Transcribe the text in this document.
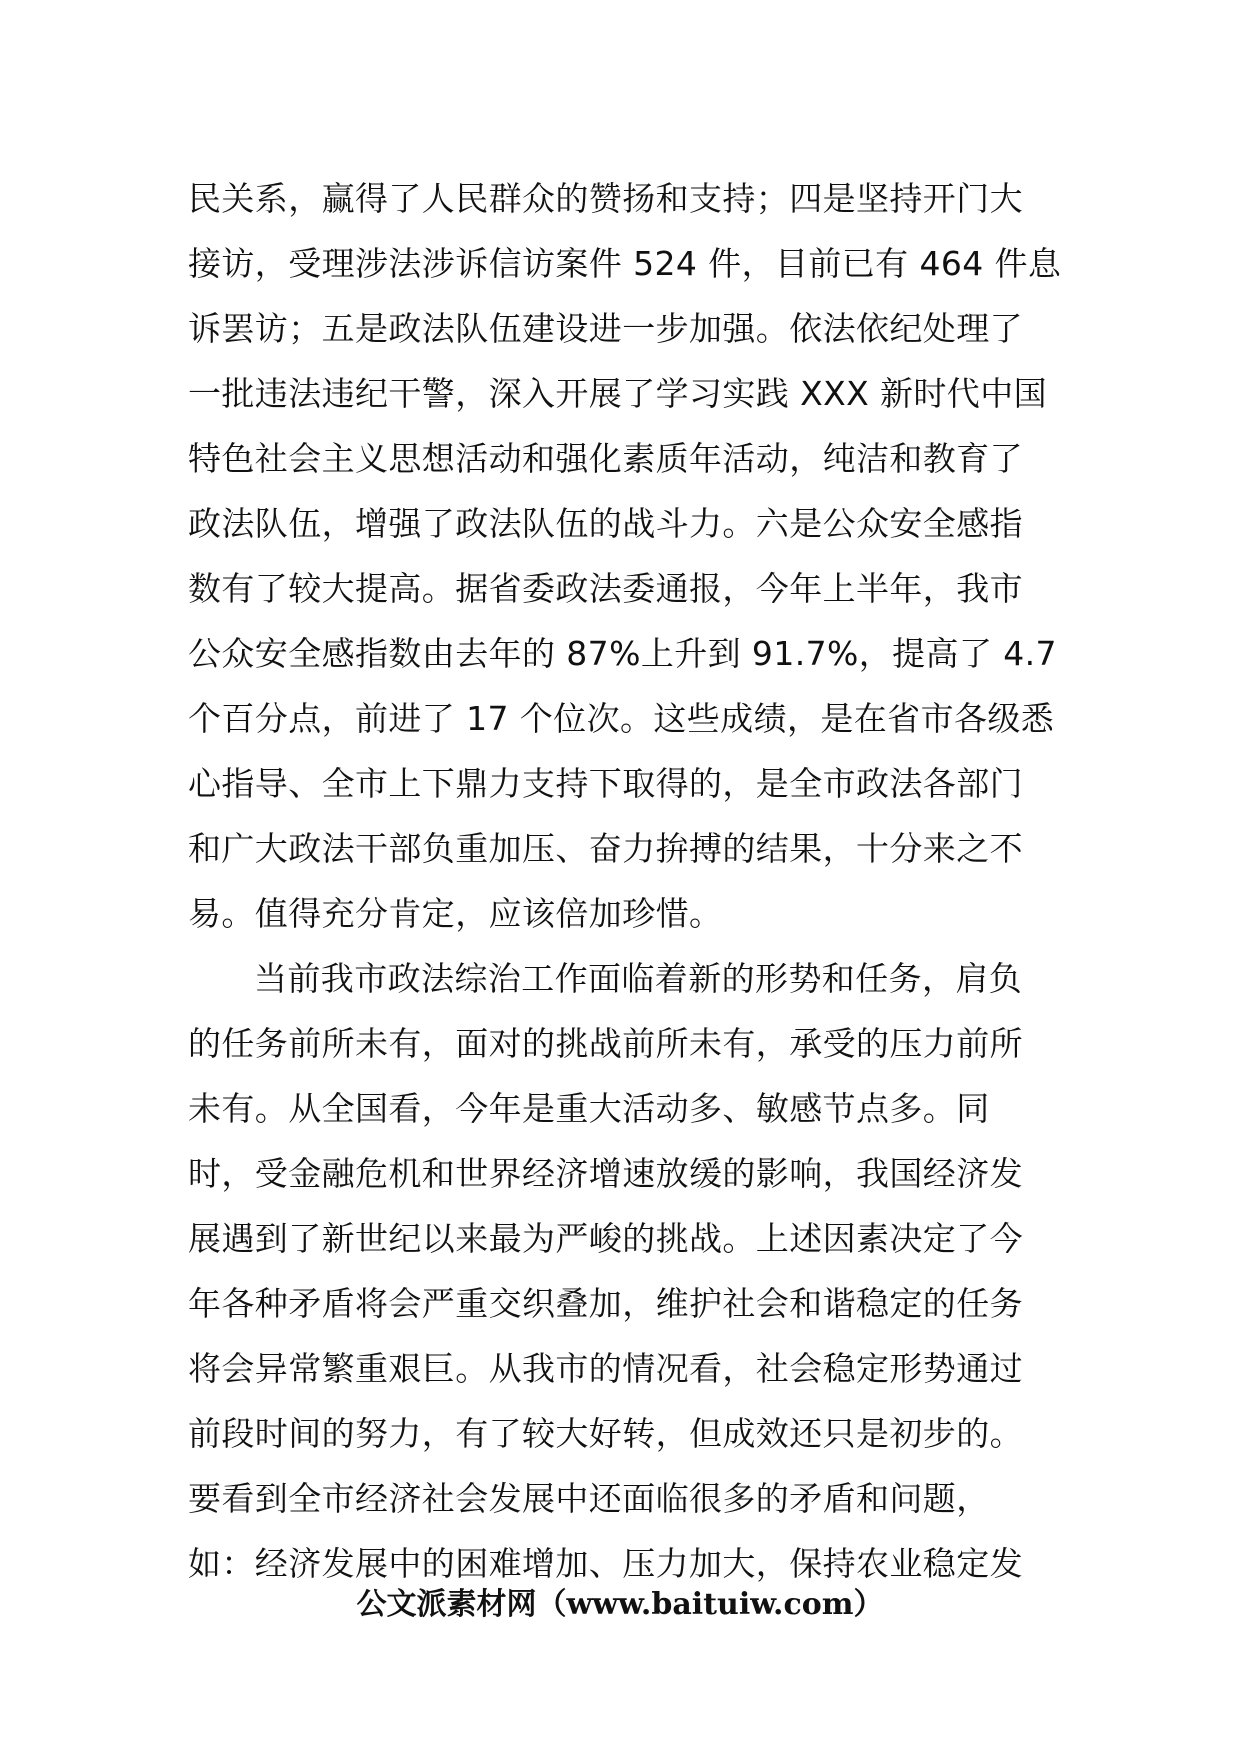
民关系，赢得了人民群众的赞扬和支持；四是坚持开门大
接访，受理涉法涉诉信访案件 524 件，目前已有 464 件息
诉罢访；五是政法队伍建设进一步加强。依法依纪处理了
一批违法违纪干警，深入开展了学习实践 XXX 新时代中国
特色社会主义思想活动和强化素质年活动，纯洁和教育了
政法队伍，增强了政法队伍的战斗力。六是公众安全感指
数有了较大提高。据省委政法委通报，今年上半年，我市
公众安全感指数由去年的 87%上升到 91.7%，提高了 4.7
个百分点，前进了 17 个位次。这些成绩，是在省市各级悉
心指导、全市上下鼎力支持下取得的，是全市政法各部门
和广大政法干部负重加压、奋力拚搏的结果，十分来之不
易。值得充分肯定，应该倍加珍惜。
当前我市政法综治工作面临着新的形势和任务，肩负
的任务前所未有，面对的挑战前所未有，承受的压力前所
未有。从全国看，今年是重大活动多、敏感节点多。同
时，受金融危机和世界经济增速放缓的影响，我国经济发
展遇到了新世纪以来最为严峻的挑战。上述因素决定了今
年各种矛盾将会严重交织叠加，维护社会和谐稳定的任务
将会异常繁重艰巨。从我市的情况看，社会稳定形势通过
前段时间的努力，有了较大好转，但成效还只是初步的。
要看到全市经济社会发展中还面临很多的矛盾和问题，
如：经济发展中的困难增加、压力加大，保持农业稳定发
公文派素材网（www.baituiw.com）
